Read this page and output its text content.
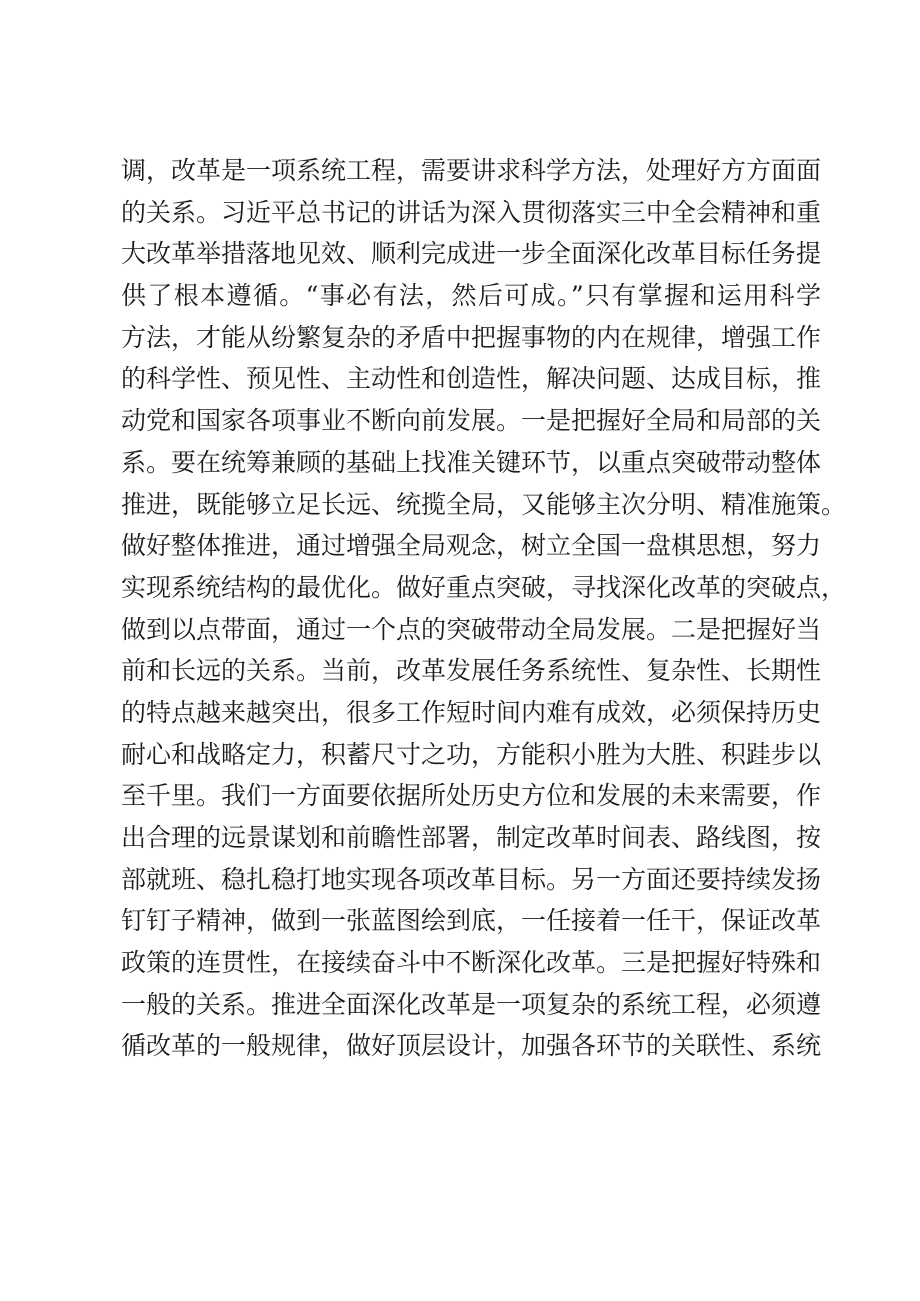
调，改革是一项系统工程，需要讲求科学方法，处理好方方面面
的关系。习近平总书记的讲话为深入贯彻落实三中全会精神和重
大改革举措落地见效、顺利完成进一步全面深化改革目标任务提
供了根本遵循。“事必有法，然后可成。”只有掌握和运用科学
方法，才能从纷繁复杂的矛盾中把握事物的内在规律，增强工作
的科学性、预见性、主动性和创造性，解决问题、达成目标，推
动党和国家各项事业不断向前发展。一是把握好全局和局部的关
系。要在统筹兼顾的基础上找准关键环节，以重点突破带动整体
推进，既能够立足长远、统揽全局，又能够主次分明、精准施策。
做好整体推进，通过增强全局观念，树立全国一盘棋思想，努力
实现系统结构的最优化。做好重点突破，寻找深化改革的突破点，
做到以点带面，通过一个点的突破带动全局发展。二是把握好当
前和长远的关系。当前，改革发展任务系统性、复杂性、长期性
的特点越来越突出，很多工作短时间内难有成效，必须保持历史
耐心和战略定力，积蓄尺寸之功，方能积小胜为大胜、积跬步以
至千里。我们一方面要依据所处历史方位和发展的未来需要，作
出合理的远景谋划和前瞻性部署，制定改革时间表、路线图，按
部就班、稳扎稳打地实现各项改革目标。另一方面还要持续发扬
钉钉子精神，做到一张蓝图绘到底，一任接着一任干，保证改革
政策的连贯性，在接续奋斗中不断深化改革。三是把握好特殊和
一般的关系。推进全面深化改革是一项复杂的系统工程，必须遵
循改革的一般规律，做好顶层设计，加强各环节的关联性、系统
